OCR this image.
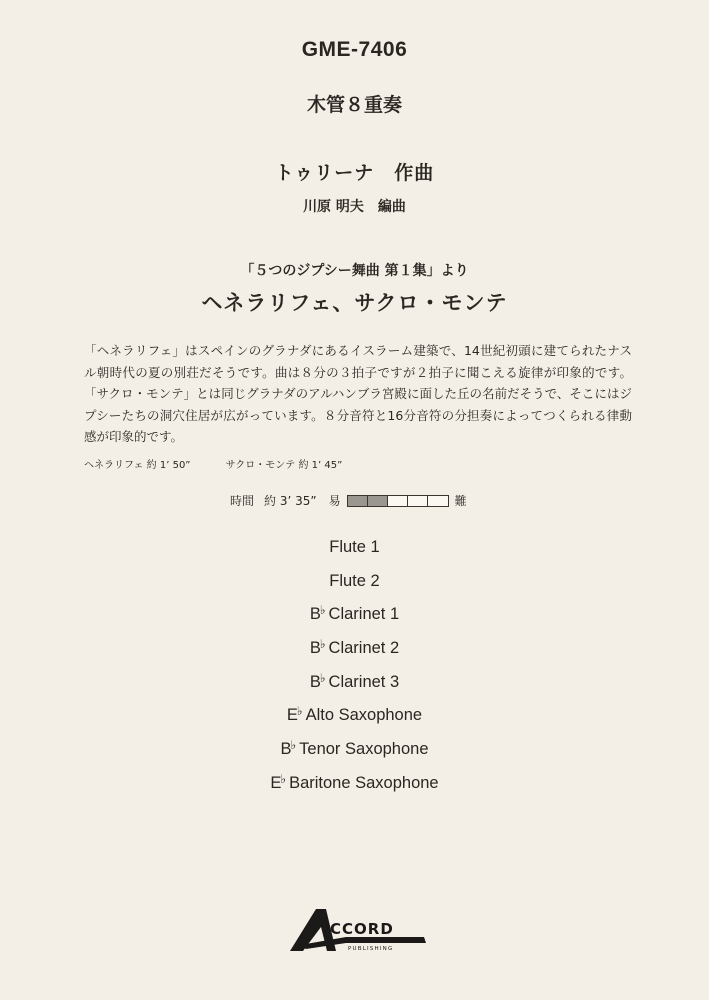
GME-7406
木管８重奏
トゥリーナ　作曲
川原 明夫　編曲
「５つのジプシー舞曲 第１集」より
ヘネラリフェ、サクロ・モンテ

「ヘネラリフェ」はスペインのグラナダにあるイスラーム建築で、14世紀初頭に建てられたナスル朝時代の夏の別荘だそうです。曲は８分の３拍子ですが２拍子に聞こえる旋律が印象的です。「サクロ・モンテ」とは同じグラナダのアルハンブラ宮殿に面した丘の名前だそうで、そこにはジプシーたちの洞穴住居が広がっています。８分音符と16分音符の分担奏によってつくられる律動感が印象的です。

ヘネラリフェ 約 1’ 50”	サクロ・モンテ 約 1’ 45”
時間 約 3’ 35” 易	難
Flute 1
Flute 2
B♭ Clarinet 1
B♭ Clarinet 2
B♭ Clarinet 3
E♭ Alto Saxophone
B♭ Tenor Saxophone
E♭ Baritone Saxophone
A
CCORD
PUBLISHING
